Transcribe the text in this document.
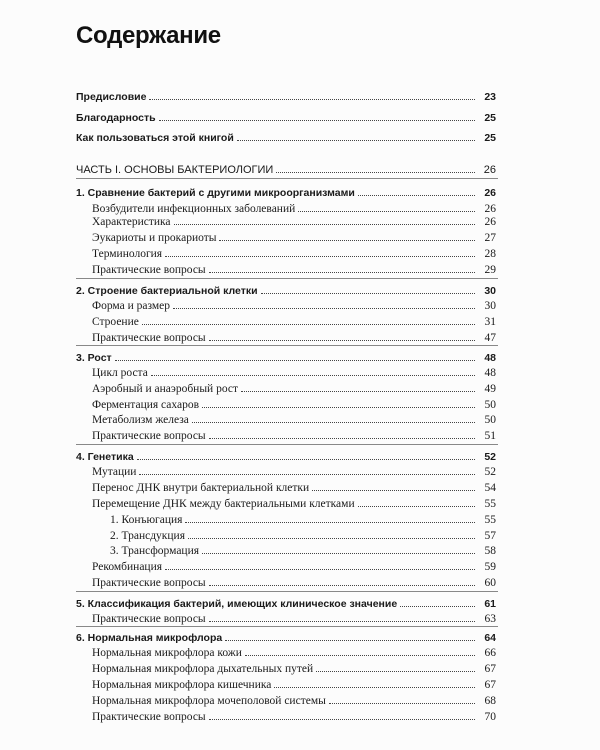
Содержание
Предисловие	23
Благодарность	25
Как пользоваться этой книгой	25
ЧАСТЬ I. ОСНОВЫ БАКТЕРИОЛОГИИ	26
1. Сравнение бактерий с другими микроорганизмами	26
Возбудители инфекционных заболеваний	26
Характеристика	26
Эукариоты и прокариоты	27
Терминология	28
Практические вопросы	29
2. Строение бактериальной клетки	30
Форма и размер	30
Строение	31
Практические вопросы	47
3. Рост	48
Цикл роста	48
Аэробный и анаэробный рост	49
Ферментация сахаров	50
Метаболизм железа	50
Практические вопросы	51
4. Генетика	52
Мутации	52
Перенос ДНК внутри бактериальной клетки	54
Перемещение ДНК между бактериальными клетками	55
1. Конъюгация	55
2. Трансдукция	57
3. Трансформация	58
Рекомбинация	59
Практические вопросы	60
5. Классификация бактерий, имеющих клиническое значение	61
Практические вопросы	63
6. Нормальная микрофлора	64
Нормальная микрофлора кожи	66
Нормальная микрофлора дыхательных путей	67
Нормальная микрофлора кишечника	67
Нормальная микрофлора мочеполовой системы	68
Практические вопросы	70
